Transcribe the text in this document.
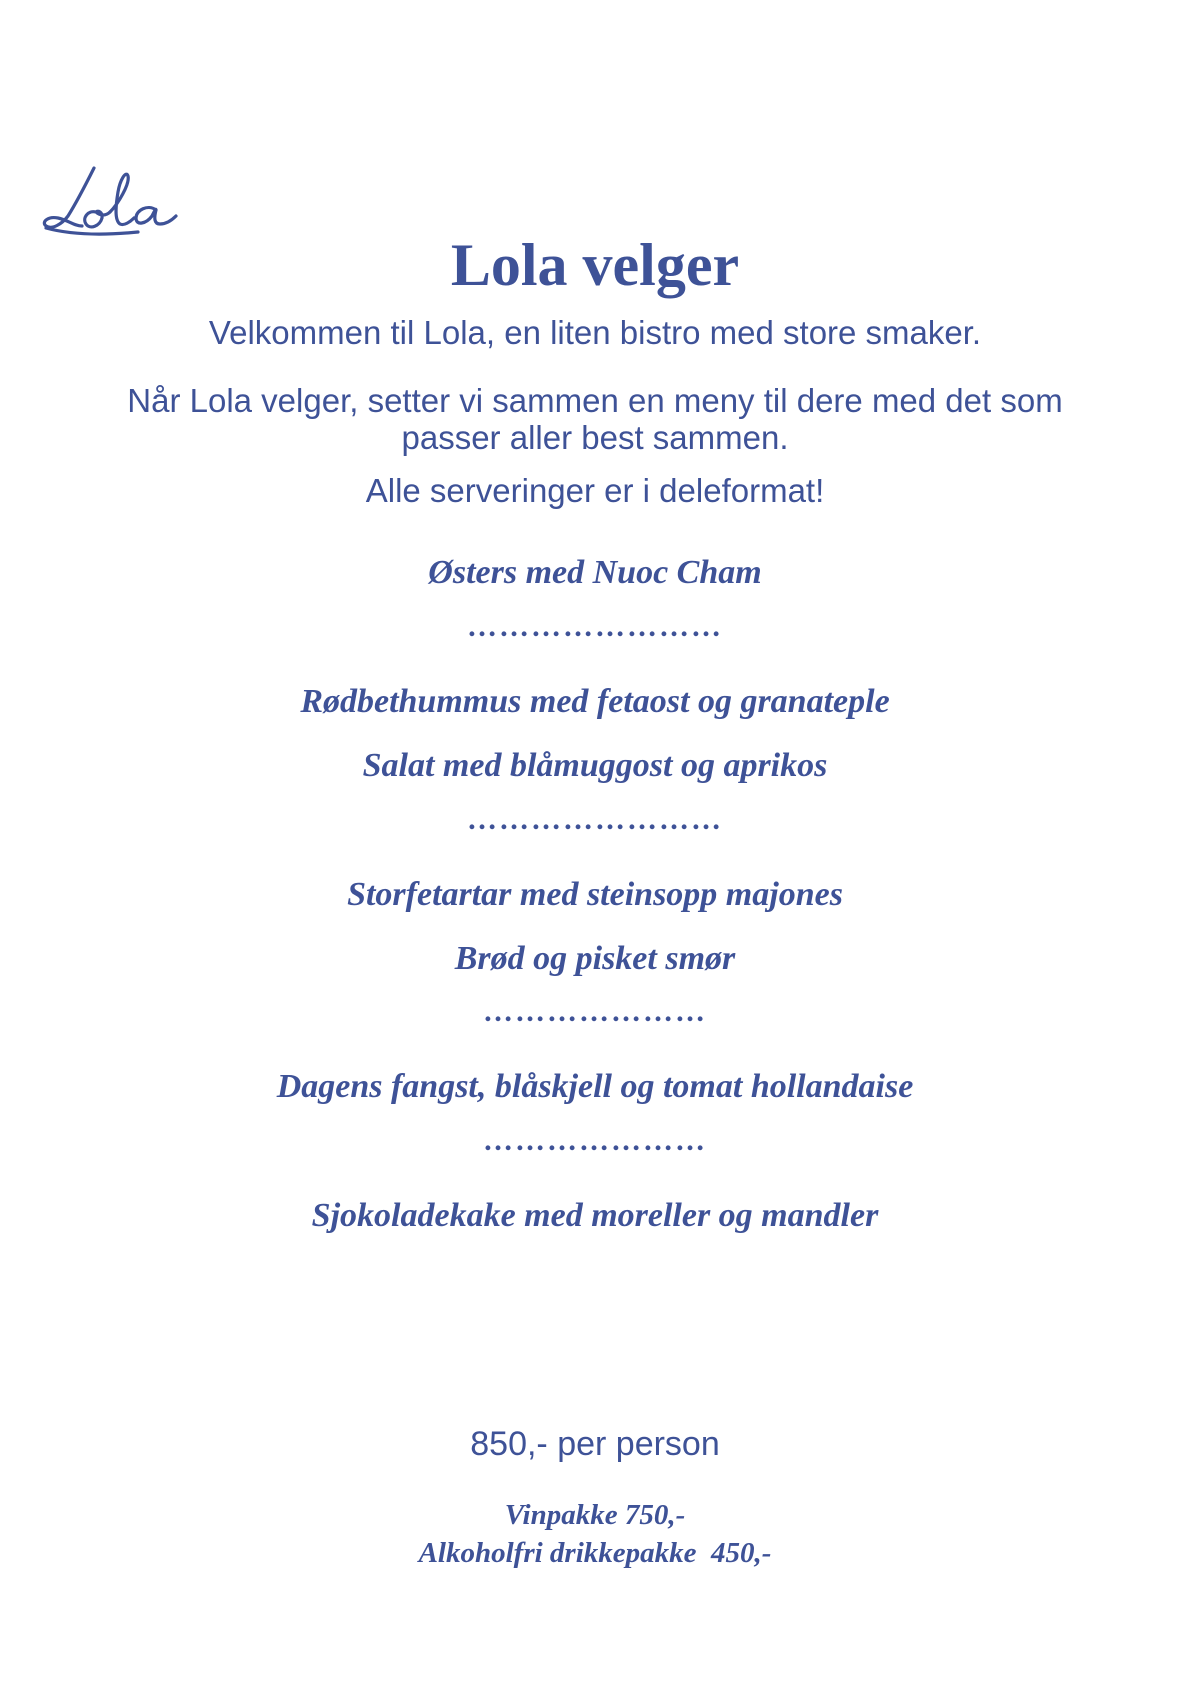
Lola velger

Velkommen til Lola, en liten bistro med store smaker.

Når Lola velger, setter vi sammen en meny til dere med det som passer aller best sammen.

Alle serveringer er i deleformat!

Østers med Nuoc Cham

……………………

Rødbethummus med fetaost og granateple

Salat med blåmuggost og aprikos

……………………

Storfetartar med steinsopp majones

Brød og pisket smør

…………………

Dagens fangst, blåskjell og tomat hollandaise

…………………

Sjokoladekake med moreller og mandler

850,- per person

Vinpakke 750,-

Alkoholfri drikkepakke  450,-
